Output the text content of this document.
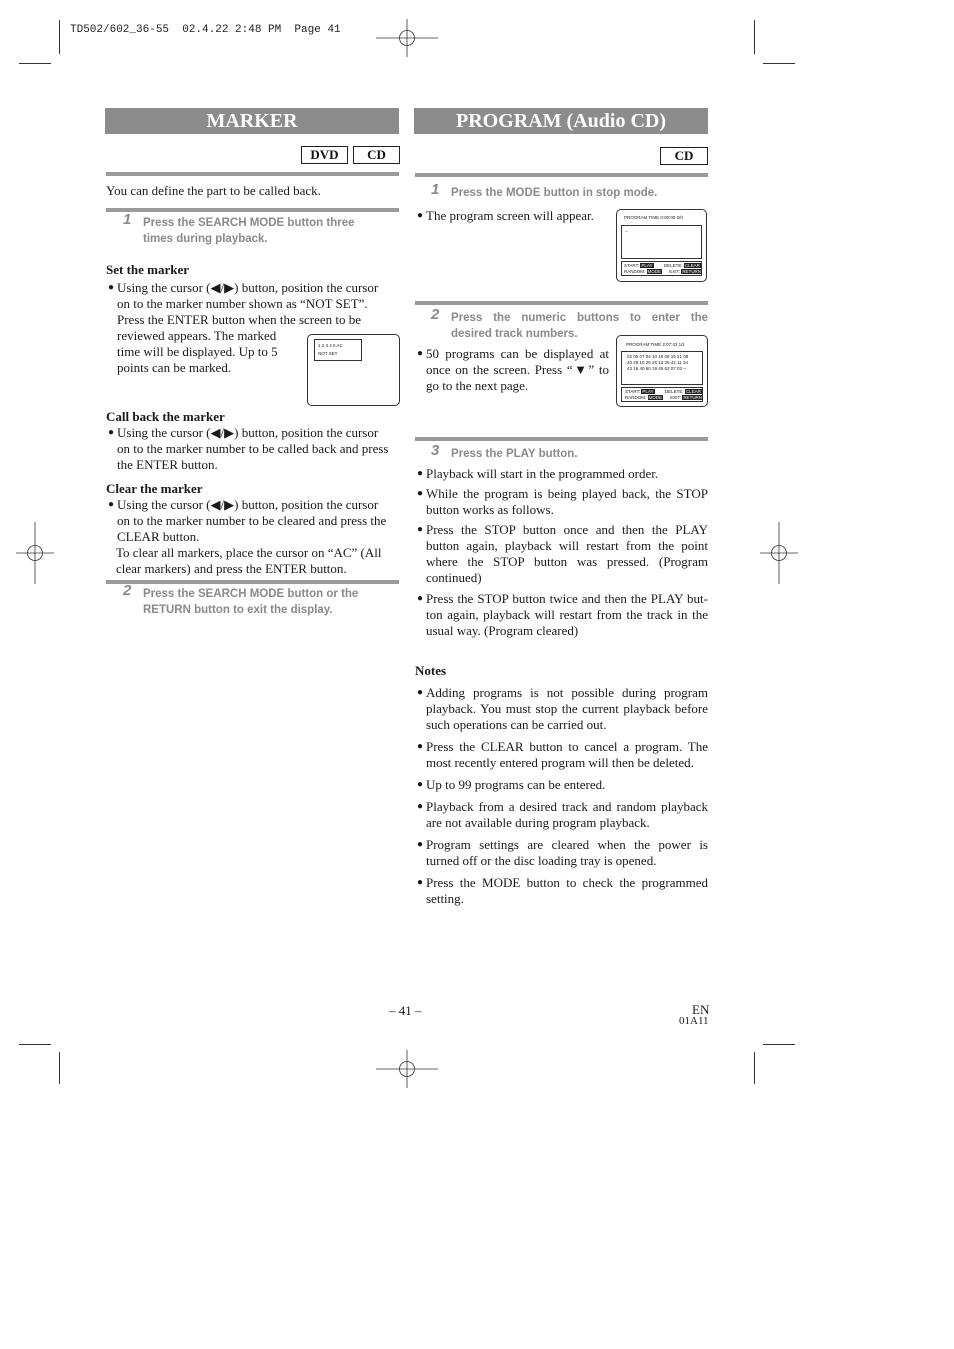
TD502/602_36-55  02.4.22 2:48 PM  Page 41
MARKER
DVD	CD
You can define the part to be called back.
1 Press the SEARCH MODE button three
times during playback.
Set the marker
● Using the cursor (◀/▶) button, position the cursor
on to the marker number shown as “NOT SET”.
Press the ENTER button when the screen to be
reviewed appears. The marked
time will be displayed. Up to 5
points can be marked.
1 2 3 4 5 AC
NOT SET
Call back the marker
● Using the cursor (◀/▶) button, position the cursor
on to the marker number to be called back and press
the ENTER button.
Clear the marker
● Using the cursor (◀/▶) button, position the cursor
on to the marker number to be cleared and press the
CLEAR button.
To clear all markers, place the cursor on “AC” (All
clear markers) and press the ENTER button.
2 Press the SEARCH MODE button or the
RETURN button to exit the display.
PROGRAM (Audio CD)
CD
1 Press the MODE button in stop mode.
● The program screen will appear.	PROGRAM TIME 0:00:00 0/0
--
START: PLAY	DELETE: CLEAR
RANDOM: MODE EXIT: RETURN
2 Press the numeric buttons to enter the
desired track numbers.
● 50 programs can be displayed at
once on the screen. Press “▼” to
go to the next page.
PROGRAM TIME 2:07:43 1/1
02 05 07 04 10 19 08 15 21 08
20 28 10 25 26 13 30 42 11 34
43 16 40 60 19 45 63 07 03 --
START: PLAY	DELETE: CLEAR
RANDOM: MODE EXIT: RETURN
3 Press the PLAY button.
● Playback will start in the programmed order.
● While the program is being played back, the STOP
button works as follows.
● Press the STOP button once and then the PLAY
button again, playback will restart from the point
where the STOP button was pressed. (Program
continued)
● Press the STOP button twice and then the PLAY but-
ton again, playback will restart from the track in the
usual way. (Program cleared)
Notes
● Adding programs is not possible during program
playback. You must stop the current playback before
such operations can be carried out.
● Press the CLEAR button to cancel a program. The
most recently entered program will then be deleted.
● Up to 99 programs can be entered.
● Playback from a desired track and random playback
are not available during program playback.
● Program settings are cleared when the power is
turned off or the disc loading tray is opened.
● Press the MODE button to check the programmed
setting.
– 41 –	EN
01A11
